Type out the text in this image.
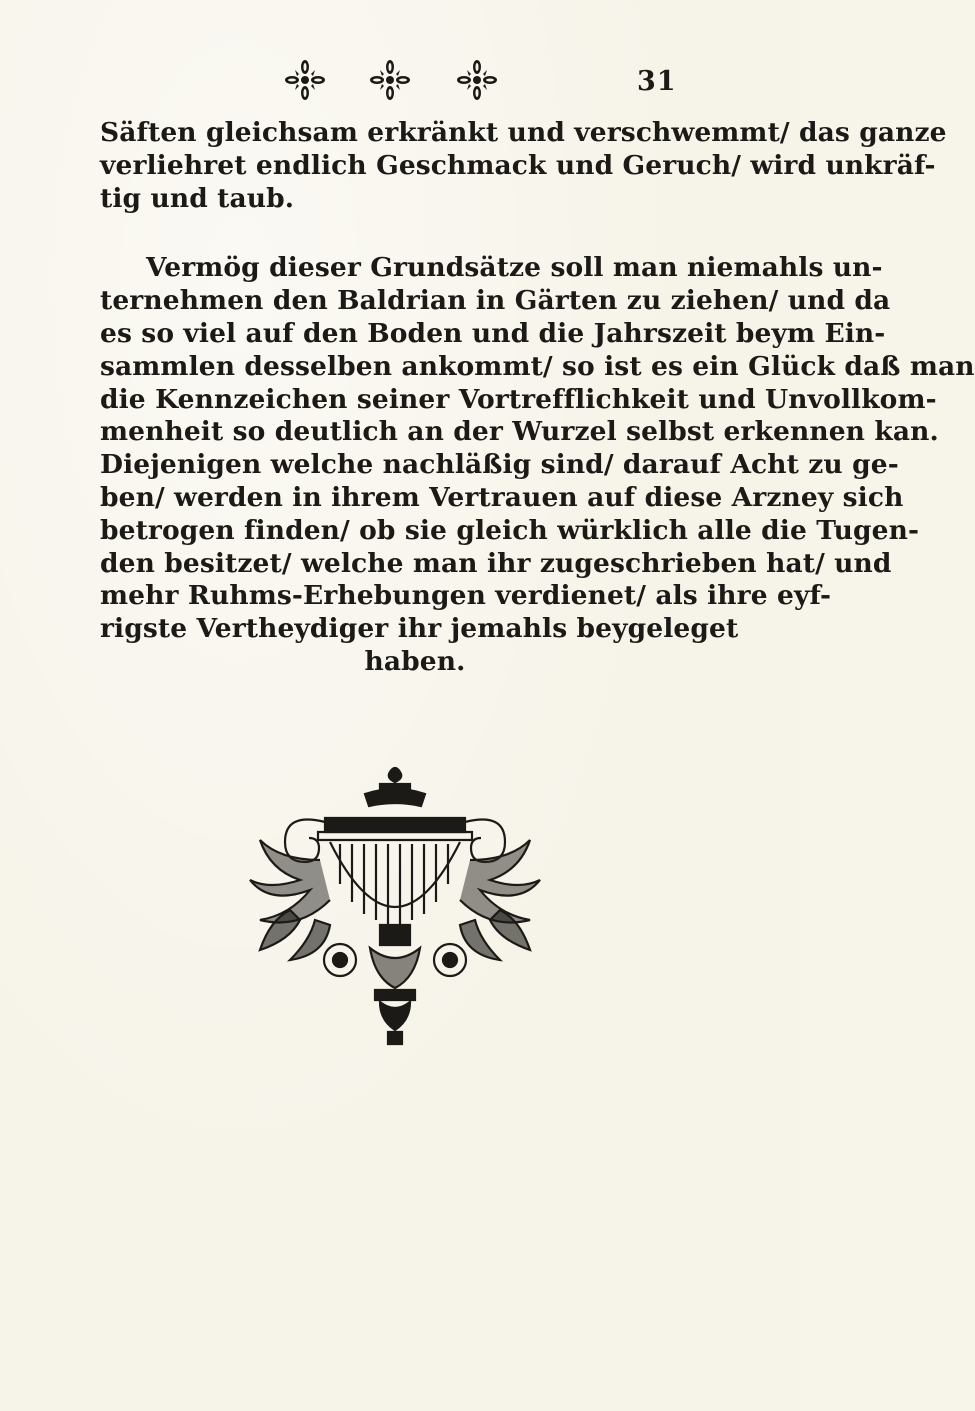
31
Säften gleichsam erkränkt und verschwemmt/ das ganze
verliehret endlich Geschmack und Geruch/ wird unkräf-
tig und taub.
Vermög dieser Grundsätze soll man niemahls un-
ternehmen den Baldrian in Gärten zu ziehen/ und da
es so viel auf den Boden und die Jahrszeit beym Ein-
sammlen desselben ankommt/ so ist es ein Glück daß man
die Kennzeichen seiner Vortrefflichkeit und Unvollkom-
menheit so deutlich an der Wurzel selbst erkennen kan.
Diejenigen welche nachläßig sind/ darauf Acht zu ge-
ben/ werden in ihrem Vertrauen auf diese Arzney sich
betrogen finden/ ob sie gleich würklich alle die Tugen-
den besitzet/ welche man ihr zugeschrieben hat/ und
mehr Ruhms-Erhebungen verdienet/ als ihre eyf-
rigste Vertheydiger ihr jemahls beygeleget
haben.
